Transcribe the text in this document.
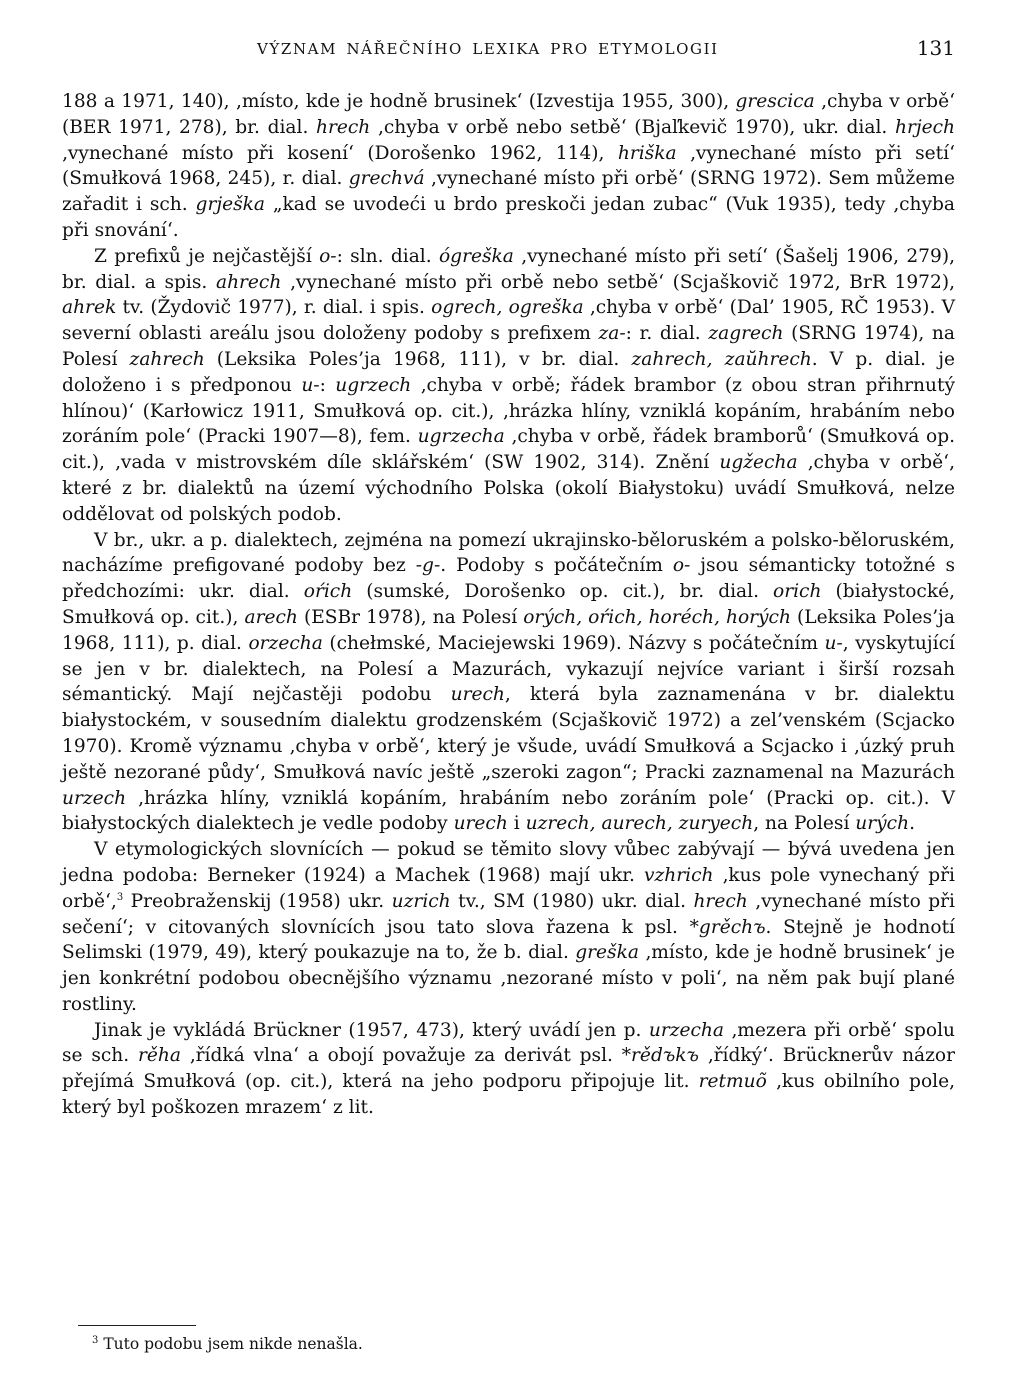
VÝZNAM NÁŘEČNÍHO LEXIKA PRO ETYMOLOGII	131

188 a 1971, 140), ‚místo, kde je hodně brusinek‘ (Izvestija 1955, 300), grescica ‚chyba v orbě‘ (BER 1971, 278), br. dial. hrech ‚chyba v orbě nebo setbě‘ (Bjaľkevič 1970), ukr. dial. hrjech ‚vynechané místo při kosení‘ (Dorošenko 1962, 114), hriška ‚vynechané místo při setí‘ (Smułková 1968, 245), r. dial. grechvá ‚vynechané místo při orbě‘ (SRNG 1972). Sem můžeme zařadit i sch. grješka „kad se uvodeći u brdo preskoči jedan zubac“ (Vuk 1935), tedy ‚chyba při snování‘.

Z prefixů je nejčastější o-: sln. dial. ógreška ‚vynechané místo při setí‘ (Šašelj 1906, 279), br. dial. a spis. ahrech ‚vynechané místo při orbě nebo setbě‘ (Scjaškovič 1972, BrR 1972), ahrek tv. (Žydovič 1977), r. dial. i spis. ogrech, ogreška ‚chyba v orbě‘ (Dal’ 1905, RČ 1953). V severní oblasti areálu jsou doloženy podoby s prefixem za-: r. dial. zagrech (SRNG 1974), na Polesí zahrech (Leksika Poles’ja 1968, 111), v br. dial. zahrech, zaŭhrech. V p. dial. je doloženo i s předponou u-: ugrzech ‚chyba v orbě; řádek brambor (z obou stran přihrnutý hlínou)‘ (Karłowicz 1911, Smułková op. cit.), ‚hrázka hlíny, vzniklá kopáním, hrabáním nebo zoráním pole‘ (Pracki 1907—8), fem. ugrzecha ‚chyba v orbě, řádek bramborů‘ (Smułková op. cit.), ‚vada v mistrovském díle sklářském‘ (SW 1902, 314). Znění ugžecha ‚chyba v orbě‘, které z br. dialektů na území východního Polska (okolí Białystoku) uvádí Smułková, nelze oddělovat od polských podob.

V br., ukr. a p. dialektech, zejména na pomezí ukrajinsko-běloruském a polsko-běloruském, nacházíme prefigované podoby bez -g-. Podoby s počátečním o- jsou sémanticky totožné s předchozími: ukr. dial. oŕich (sumské, Dorošenko op. cit.), br. dial. orich (białystocké, Smułková op. cit.), arech (ESBr 1978), na Polesí orých, oŕich, horéch, horých (Leksika Poles’ja 1968, 111), p. dial. orzecha (chełmské, Maciejewski 1969). Názvy s počátečním u-, vyskytující se jen v br. dialektech, na Polesí a Mazurách, vykazují nejvíce variant i širší rozsah sémantický. Mají nejčastěji podobu urech, která byla zaznamenána v br. dialektu białystockém, v sousedním dialektu grodzenském (Scjaškovič 1972) a zel’venském (Scjacko 1970). Kromě významu ‚chyba v orbě‘, který je všude, uvádí Smułková a Scjacko i ‚úzký pruh ještě nezorané půdy‘, Smułková navíc ještě „szeroki zagon“; Pracki zaznamenal na Mazurách urzech ‚hrázka hlíny, vzniklá kopáním, hrabáním nebo zoráním pole‘ (Pracki op. cit.). V białystockých dialektech je vedle podoby urech i uzrech, aurech, zuryech, na Polesí urých.

V etymologických slovnících — pokud se těmito slovy vůbec zabývají — bývá uvedena jen jedna podoba: Berneker (1924) a Machek (1968) mají ukr. vzhrich ‚kus pole vynechaný při orbě‘,$^3$ Preobraženskij (1958) ukr. uzrich tv., SM (1980) ukr. dial. hrech ‚vynechané místo při sečení‘; v citovaných slovnících jsou tato slova řazena k psl. *grěchъ. Stejně je hodnotí Selimski (1979, 49), který poukazuje na to, že b. dial. greška ‚místo, kde je hodně brusinek‘ je jen konkrétní podobou obecnějšího významu ‚nezorané místo v poli‘, na něm pak bují plané rostliny.

Jinak je vykládá Brückner (1957, 473), který uvádí jen p. urzecha ‚mezera při orbě‘ spolu se sch. rěha ‚řídká vlna‘ a obojí považuje za derivát psl. *rědъkъ ‚řídký‘. Brücknerův názor přejímá Smułková (op. cit.), která na jeho podporu připojuje lit. retmuõ ‚kus obilního pole, který byl poškozen mrazem‘ z lit.

$^3$ Tuto podobu jsem nikde nenašla.
